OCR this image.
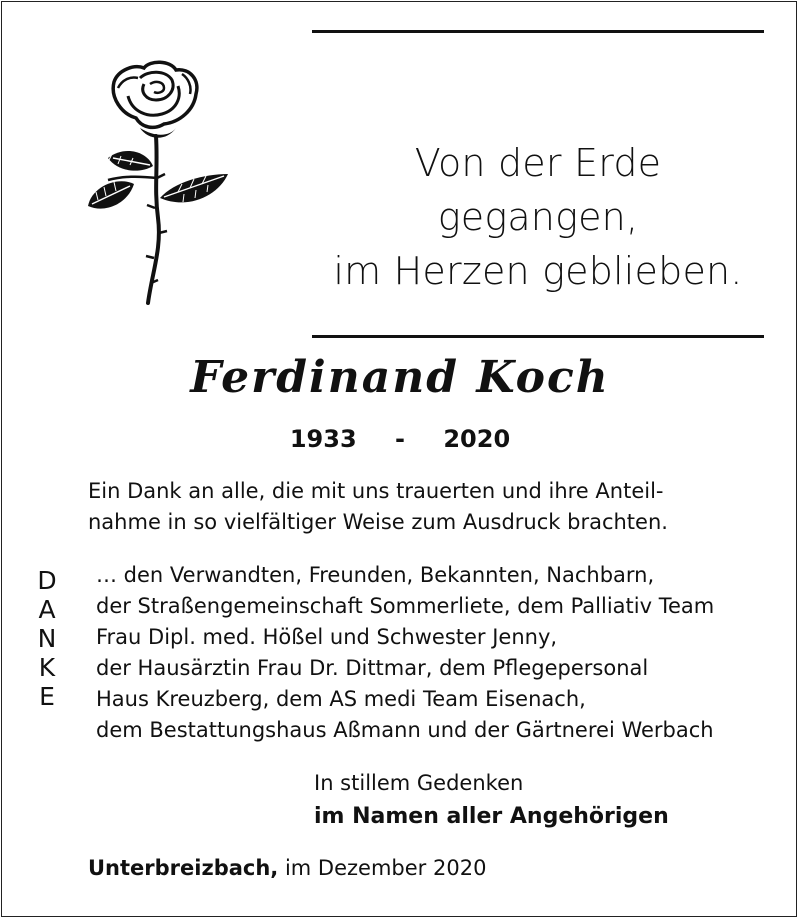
Von der Erde gegangen,
im Herzen geblieben.
Ferdinand Koch
1933 - 2020
Ein Dank an alle, die mit uns trauerten und ihre Anteil-
nahme in so vielfältiger Weise zum Ausdruck brachten.
D
A
N
K
E
… den Verwandten, Freunden, Bekannten, Nachbarn,
der Straßengemeinschaft Sommerliete, dem Palliativ Team
Frau Dipl. med. Hößel und Schwester Jenny,
der Hausärztin Frau Dr. Dittmar, dem Pflegepersonal
Haus Kreuzberg, dem AS medi Team Eisenach,
dem Bestattungshaus Aßmann und der Gärtnerei Werbach
In stillem Gedenken
im Namen aller Angehörigen
Unterbreizbach, im Dezember 2020
